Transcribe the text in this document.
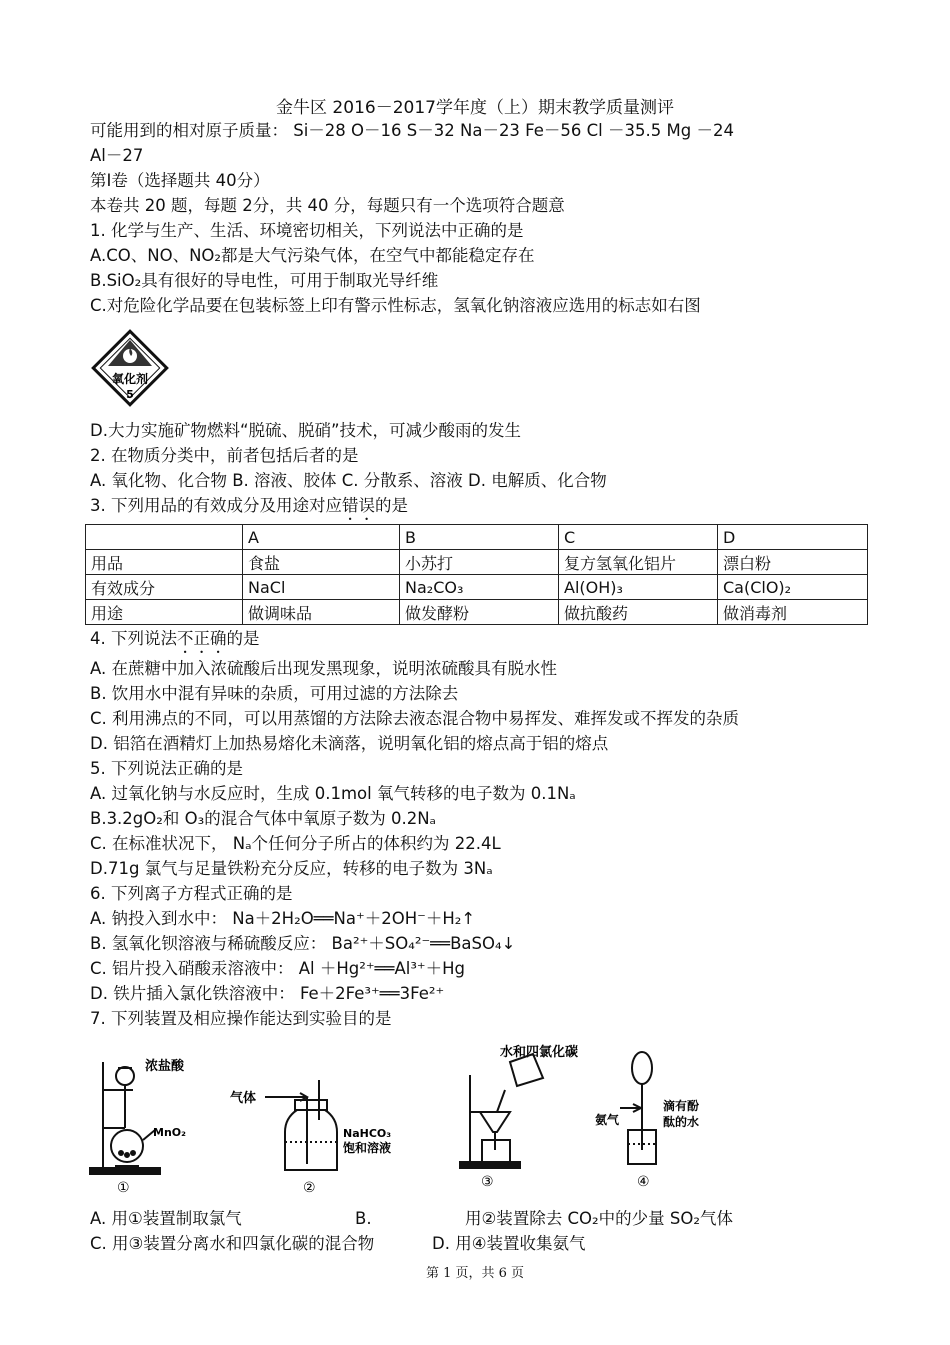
金牛区 2016－2017学年度（上）期末教学质量测评
可能用到的相对原子质量： Si－28 O－16 S－32 Na－23 Fe－56 Cl －35.5 Mg －24
Al－27
第Ⅰ卷（选择题共 40分）
本卷共 20 题，每题 2分，共 40 分，每题只有一个选项符合题意
1. 化学与生产、生活、环境密切相关，下列说法中正确的是
A.CO、NO、NO₂都是大气污染气体，在空气中都能稳定存在
B.SiO₂具有很好的导电性，可用于制取光导纤维
C.对危险化学品要在包装标签上印有警示性标志，氢氧化钠溶液应选用的标志如右图
氧化剂
5
D.大力实施矿物燃料“脱硫、脱硝”技术，可减少酸雨的发生
2. 在物质分类中，前者包括后者的是
A. 氧化物、化合物 B. 溶液、胶体 C. 分散系、溶液 D. 电解质、化合物
3. 下列用品的有效成分及用途对应错误的是
	A	B	C	D
用品	食盐	小苏打	复方氢氧化铝片	漂白粉
有效成分	NaCl	Na₂CO₃	Al(OH)₃	Ca(ClO)₂
用途	做调味品	做发酵粉	做抗酸药	做消毒剂
4. 下列说法不正确的是
A. 在蔗糖中加入浓硫酸后出现发黑现象，说明浓硫酸具有脱水性
B. 饮用水中混有异味的杂质，可用过滤的方法除去
C. 利用沸点的不同，可以用蒸馏的方法除去液态混合物中易挥发、难挥发或不挥发的杂质
D. 铝箔在酒精灯上加热易熔化未滴落，说明氧化铝的熔点高于铝的熔点
5. 下列说法正确的是
A. 过氧化钠与水反应时，生成 0.1mol 氧气转移的电子数为 0.1Nₐ
B.3.2gO₂和 O₃的混合气体中氧原子数为 0.2Nₐ
C. 在标准状况下， Nₐ个任何分子所占的体积约为 22.4L
D.71g 氯气与足量铁粉充分反应，转移的电子数为 3Nₐ
6. 下列离子方程式正确的是
A. 钠投入到水中： Na＋2H₂O══Na⁺＋2OH⁻＋H₂↑
B. 氢氧化钡溶液与稀硫酸反应： Ba²⁺＋SO₄²⁻══BaSO₄↓
C. 铝片投入硝酸汞溶液中： Al ＋Hg²⁺══Al³⁺＋Hg
D. 铁片插入氯化铁溶液中： Fe＋2Fe³⁺══3Fe²⁺
7. 下列装置及相应操作能达到实验目的是
浓盐酸
MnO₂
①
气体
NaHCO₃
饱和溶液
②
水和四氯化碳
③
氨气
滴有酚
酞的水
④
A. 用①装置制取氯气	B.	用②装置除去 CO₂中的少量 SO₂气体
C. 用③装置分离水和四氯化碳的混合物	D. 用④装置收集氨气
第 1 页，共 6 页
